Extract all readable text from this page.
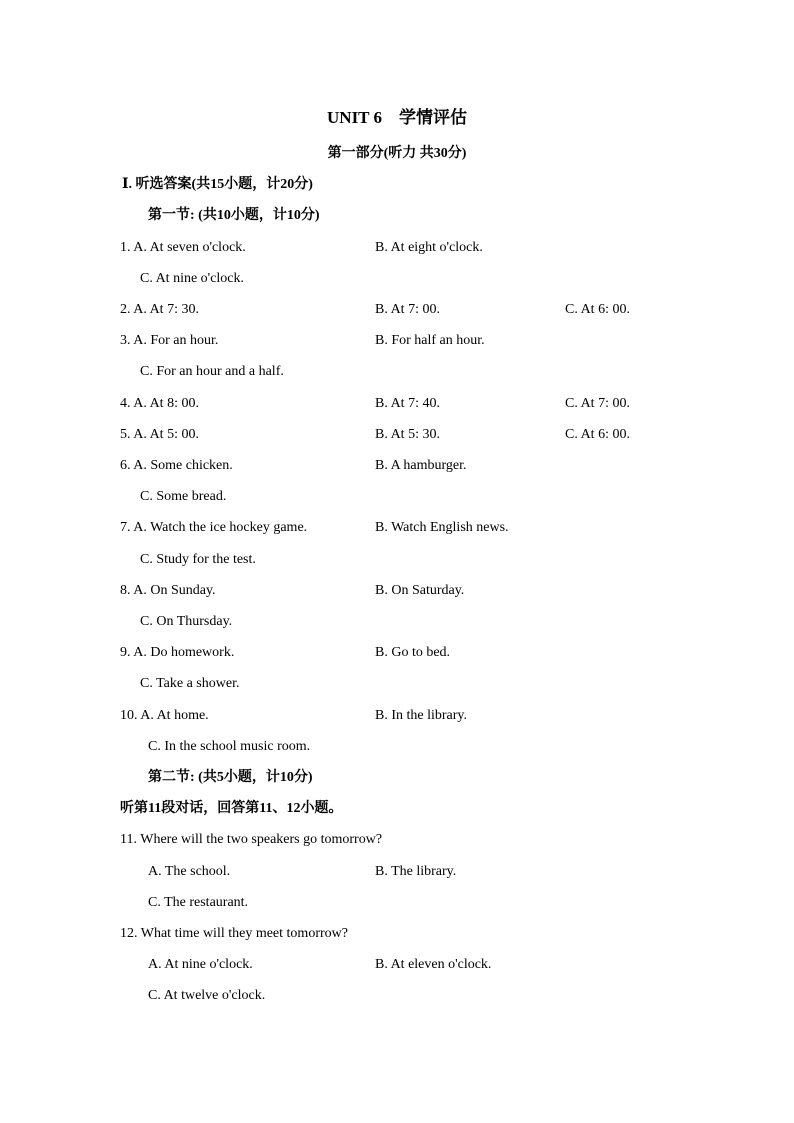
UNIT 6　学情评估
第一部分(听力 共30分)
Ⅰ. 听选答案(共15小题，计20分)
第一节: (共10小题，计10分)
1. A. At seven o'clock.	B. At eight o'clock.
C. At nine o'clock.
2. A. At 7: 30.	B. At 7: 00.	C. At 6: 00.
3. A. For an hour.	B. For half an hour.
C. For an hour and a half.
4. A. At 8: 00.	B. At 7: 40.	C. At 7: 00.
5. A. At 5: 00.	B. At 5: 30.	C. At 6: 00.
6. A. Some chicken.	B. A hamburger.
C. Some bread.
7. A. Watch the ice hockey game.	B. Watch English news.
C. Study for the test.
8. A. On Sunday.	B. On Saturday.
C. On Thursday.
9. A. Do homework.	B. Go to bed.
C. Take a shower.
10. A. At home.	B. In the library.
C. In the school music room.
第二节: (共5小题，计10分)
听第11段对话，回答第11、12小题。
11. Where will the two speakers go tomorrow?
A. The school.	B. The library.
C. The restaurant.
12. What time will they meet tomorrow?
A. At nine o'clock.	B. At eleven o'clock.
C. At twelve o'clock.
